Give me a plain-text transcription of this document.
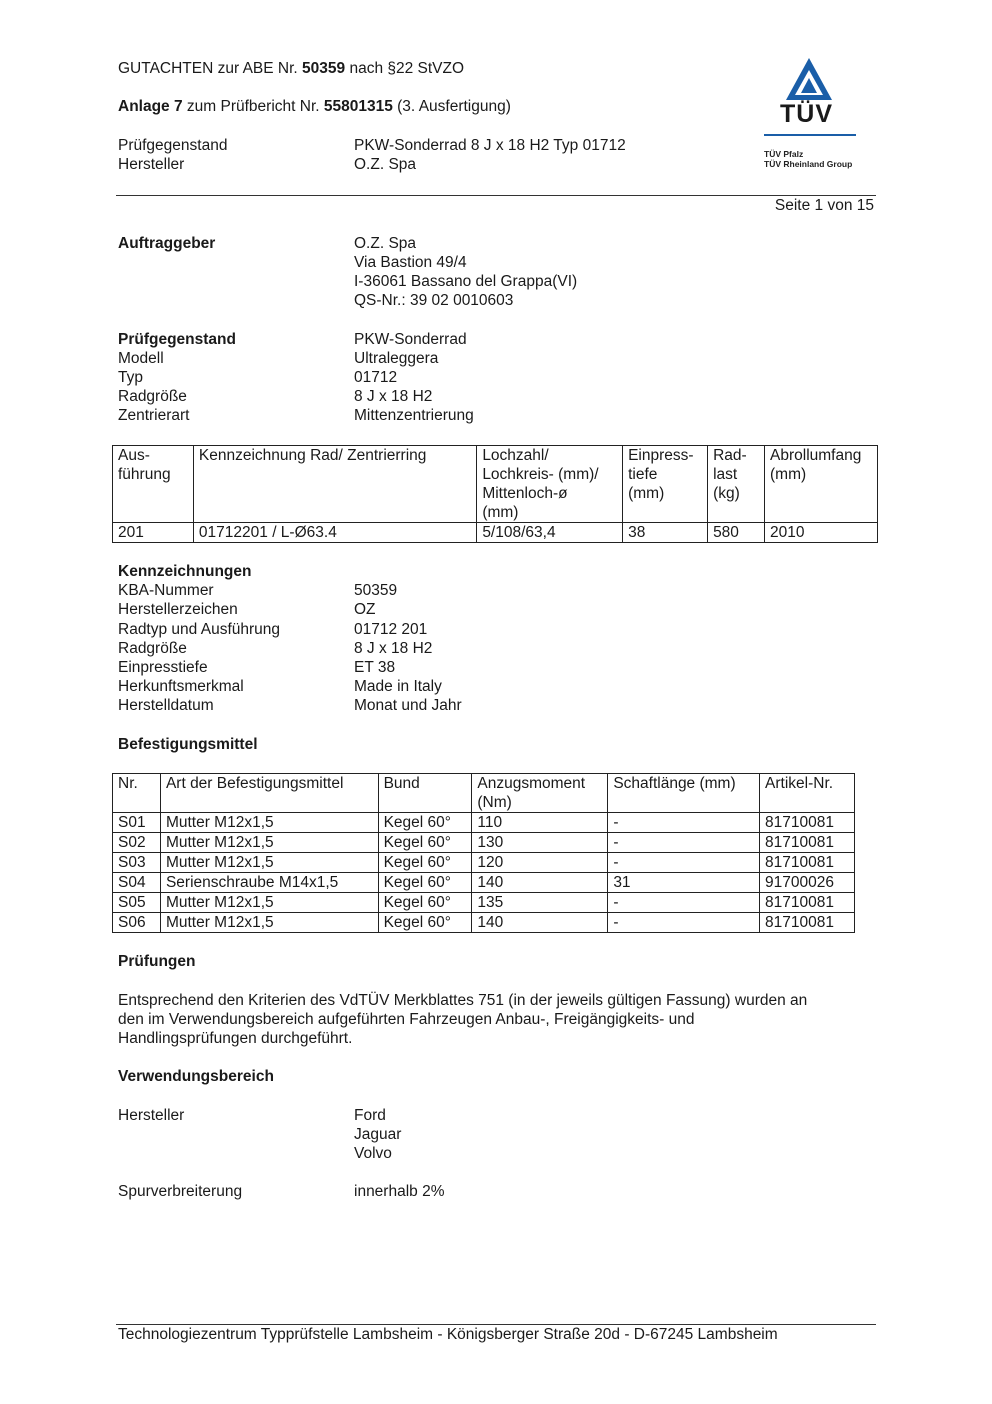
GUTACHTEN zur ABE Nr. 50359 nach §22 StVZO
Anlage 7 zum Prüfbericht Nr. 55801315 (3. Ausfertigung)
Prüfgegenstand	PKW-Sonderrad 8 J x 18 H2 Typ 01712
Hersteller	O.Z. Spa
TÜV
TÜV Pfalz
TÜV Rheinland Group
Seite 1 von 15
Auftraggeber	O.Z. Spa
Via Bastion 49/4
I-36061 Bassano del Grappa(VI)
QS-Nr.: 39 02 0010603
Prüfgegenstand	PKW-Sonderrad
Modell	Ultraleggera
Typ	01712
Radgröße	8 J x 18 H2
Zentrierart	Mittenzentrierung
Aus-
führung	Kennzeichnung Rad/ Zentrierring	Lochzahl/
Lochkreis- (mm)/
Mittenloch-ø
(mm)	Einpress-
tiefe
(mm)	Rad-
last
(kg)	Abrollumfang
(mm)
201	01712201 / L-Ø63.4	5/108/63,4	38	580	2010
Kennzeichnungen
KBA-Nummer	50359
Herstellerzeichen	OZ
Radtyp und Ausführung	01712 201
Radgröße	8 J x 18 H2
Einpresstiefe	ET 38
Herkunftsmerkmal	Made in Italy
Herstelldatum	Monat und Jahr
Befestigungsmittel
Nr.	Art der Befestigungsmittel	Bund	Anzugsmoment
(Nm)	Schaftlänge (mm)	Artikel-Nr.
S01	Mutter M12x1,5	Kegel 60°	110	-	81710081
S02	Mutter M12x1,5	Kegel 60°	130	-	81710081
S03	Mutter M12x1,5	Kegel 60°	120	-	81710081
S04	Serienschraube M14x1,5	Kegel 60°	140	31	91700026
S05	Mutter M12x1,5	Kegel 60°	135	-	81710081
S06	Mutter M12x1,5	Kegel 60°	140	-	81710081
Prüfungen
Entsprechend den Kriterien des VdTÜV Merkblattes 751 (in der jeweils gültigen Fassung) wurden an
den im Verwendungsbereich aufgeführten Fahrzeugen Anbau-, Freigängigkeits- und
Handlingsprüfungen durchgeführt.
Verwendungsbereich
Hersteller	Ford
Jaguar
Volvo
Spurverbreiterung	innerhalb 2%
Technologiezentrum Typprüfstelle Lambsheim - Königsberger Straße 20d - D-67245 Lambsheim
